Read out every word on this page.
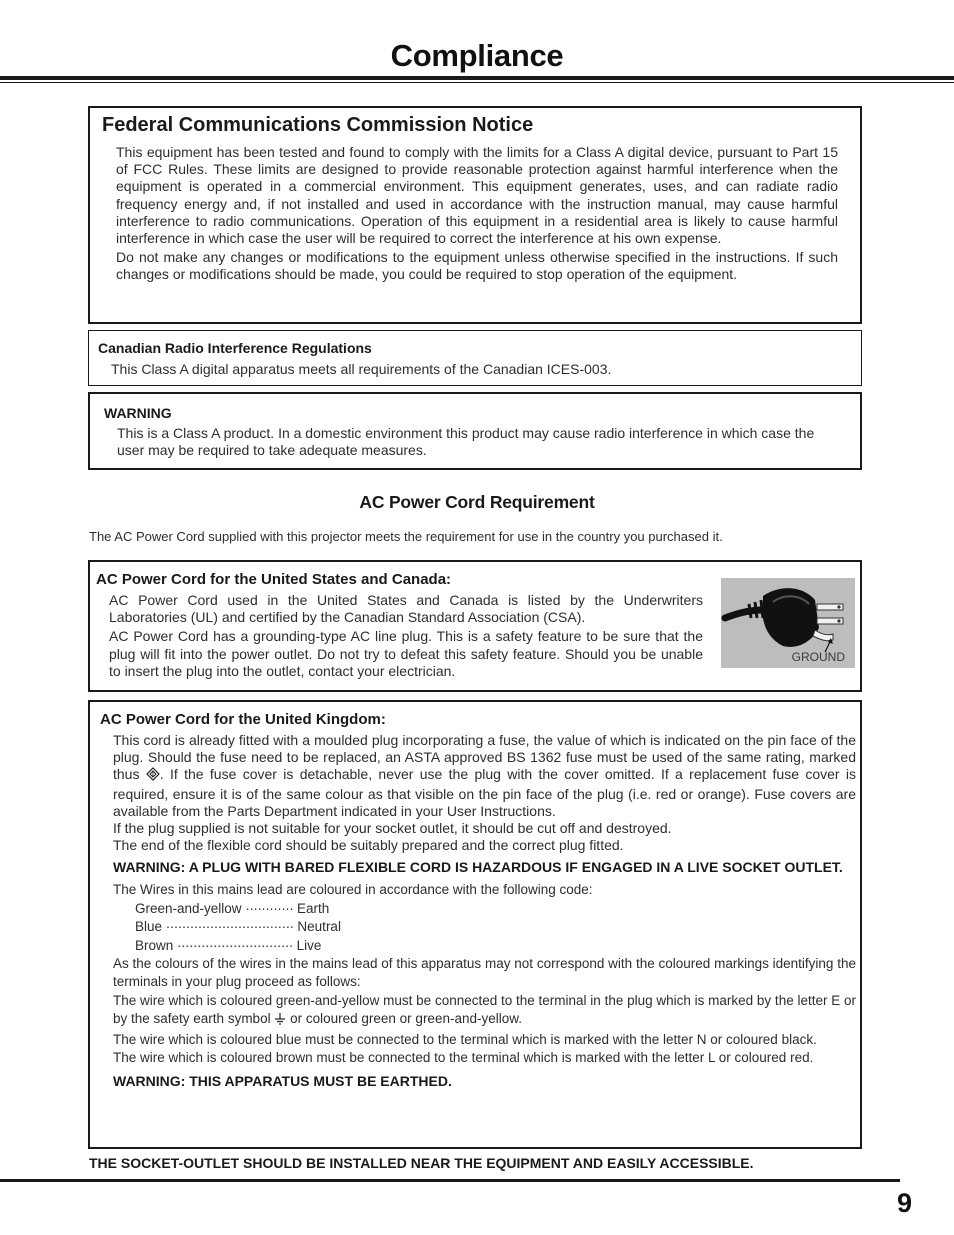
Compliance
Federal Communications Commission Notice

This equipment has been tested and found to comply with the limits for a Class A digital device, pursuant to Part 15 of FCC Rules. These limits are designed to provide reasonable protection against harmful interference when the equipment is operated in a commercial environment. This equipment generates, uses, and can radiate radio frequency energy and, if not installed and used in accordance with the instruction manual, may cause harmful interference to radio communications. Operation of this equipment in a residential area is likely to cause harmful interference in which case the user will be required to correct the interference at his own expense.

Do not make any changes or modifications to the equipment unless otherwise specified in the instructions. If such changes or modifications should be made, you could be required to stop operation of the equipment.

Canadian Radio Interference Regulations
This Class A digital apparatus meets all requirements of the Canadian ICES-003.
WARNING
This is a Class A product. In a domestic environment this product may cause radio interference in which case the user may be required to take adequate measures.
AC Power Cord Requirement
The AC Power Cord supplied with this projector meets the requirement for use in the country you purchased it.
AC Power Cord for the United States and Canada:

AC Power Cord used in the United States and Canada is listed by the Underwriters Laboratories (UL) and certified by the Canadian Standard Association (CSA).

AC Power Cord has a grounding-type AC line plug. This is a safety feature to be sure that the plug will fit into the power outlet. Do not try to defeat this safety feature. Should you be unable to insert the plug into the outlet, contact your electrician.

GROUND
AC Power Cord for the United Kingdom:

This cord is already fitted with a moulded plug incorporating a fuse, the value of which is indicated on the pin face of the plug. Should the fuse need to be replaced, an ASTA approved BS 1362 fuse must be used of the same rating, marked thus . If the fuse cover is detachable, never use the plug with the cover omitted. If a replacement fuse cover is required, ensure it is of the same colour as that visible on the pin face of the plug (i.e. red or orange). Fuse covers are available from the Parts Department indicated in your User Instructions.

If the plug supplied is not suitable for your socket outlet, it should be cut off and destroyed.

The end of the flexible cord should be suitably prepared and the correct plug fitted.

WARNING: A PLUG WITH BARED FLEXIBLE CORD IS HAZARDOUS IF ENGAGED IN A LIVE SOCKET OUTLET.

The Wires in this mains lead are coloured in accordance with the following code:

Green-and-yellow ············ Earth
Blue ································ Neutral
Brown ····························· Live

As the colours of the wires in the mains lead of this apparatus may not correspond with the coloured markings identifying the terminals in your plug proceed as follows:

The wire which is coloured green-and-yellow must be connected to the terminal in the plug which is marked by the letter E or by the safety earth symbol or coloured green or green-and-yellow.

The wire which is coloured blue must be connected to the terminal which is marked with the letter N or coloured black.

The wire which is coloured brown must be connected to the terminal which is marked with the letter L or coloured red.

WARNING: THIS APPARATUS MUST BE EARTHED.

THE SOCKET-OUTLET SHOULD BE INSTALLED NEAR THE EQUIPMENT AND EASILY ACCESSIBLE.
9
